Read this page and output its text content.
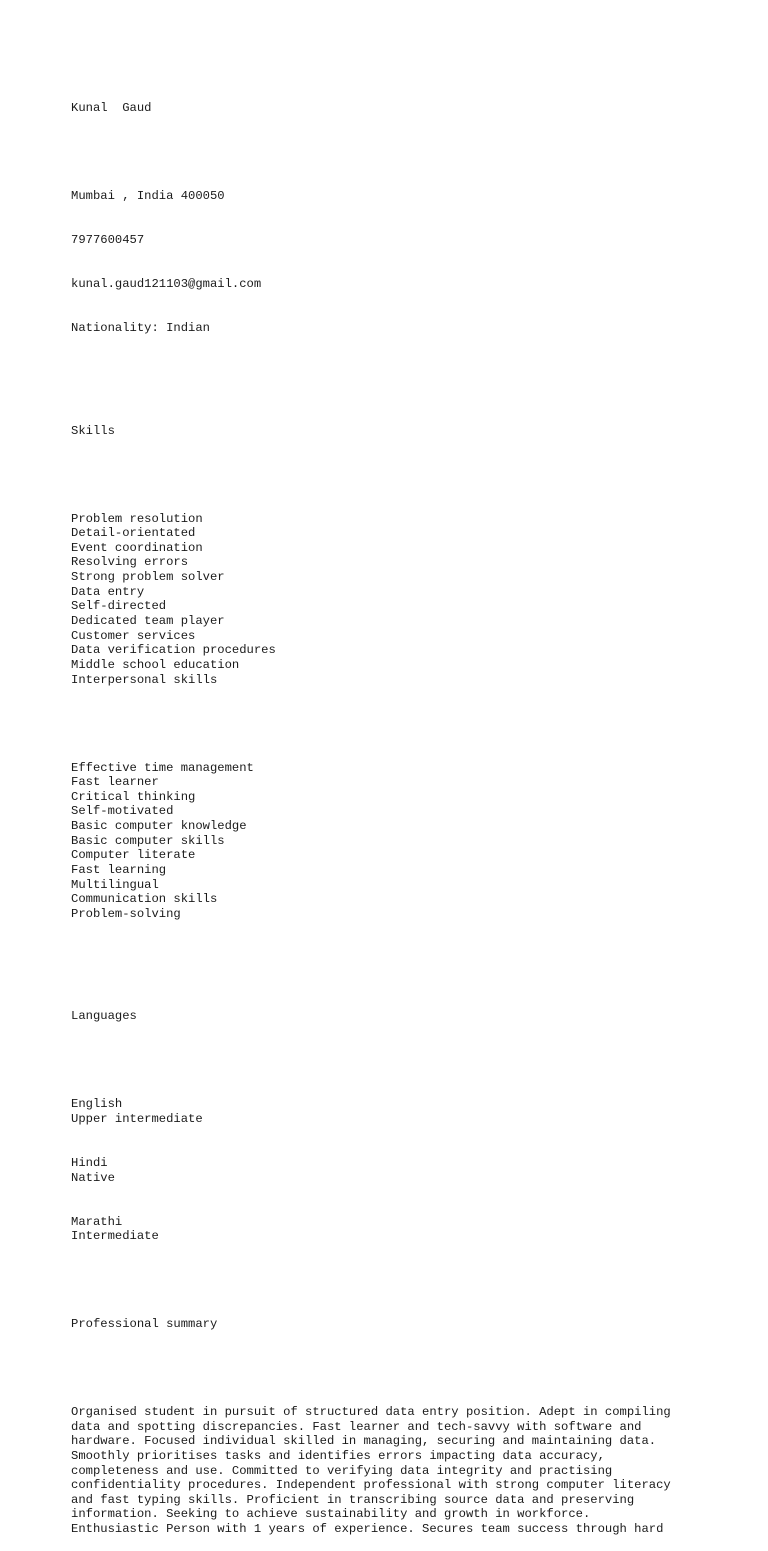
Kunal  Gaud

Mumbai , India 400050

7977600457

kunal.gaud121103@gmail.com

Nationality: Indian

Skills

Problem resolution
Detail-orientated
Event coordination
Resolving errors
Strong problem solver
Data entry
Self-directed
Dedicated team player
Customer services
Data verification procedures
Middle school education
Interpersonal skills

Effective time management
Fast learner
Critical thinking
Self-motivated
Basic computer knowledge
Basic computer skills
Computer literate
Fast learning
Multilingual
Communication skills
Problem-solving

Languages

English
Upper intermediate
Hindi
Native
Marathi
Intermediate

Professional summary

Organised student in pursuit of structured data entry position. Adept in compiling
data and spotting discrepancies. Fast learner and tech-savvy with software and
hardware. Focused individual skilled in managing, securing and maintaining data.
Smoothly prioritises tasks and identifies errors impacting data accuracy,
completeness and use. Committed to verifying data integrity and practising
confidentiality procedures. Independent professional with strong computer literacy
and fast typing skills. Proficient in transcribing source data and preserving
information. Seeking to achieve sustainability and growth in workforce.
Enthusiastic Person with 1 years of experience. Secures team success through hard
